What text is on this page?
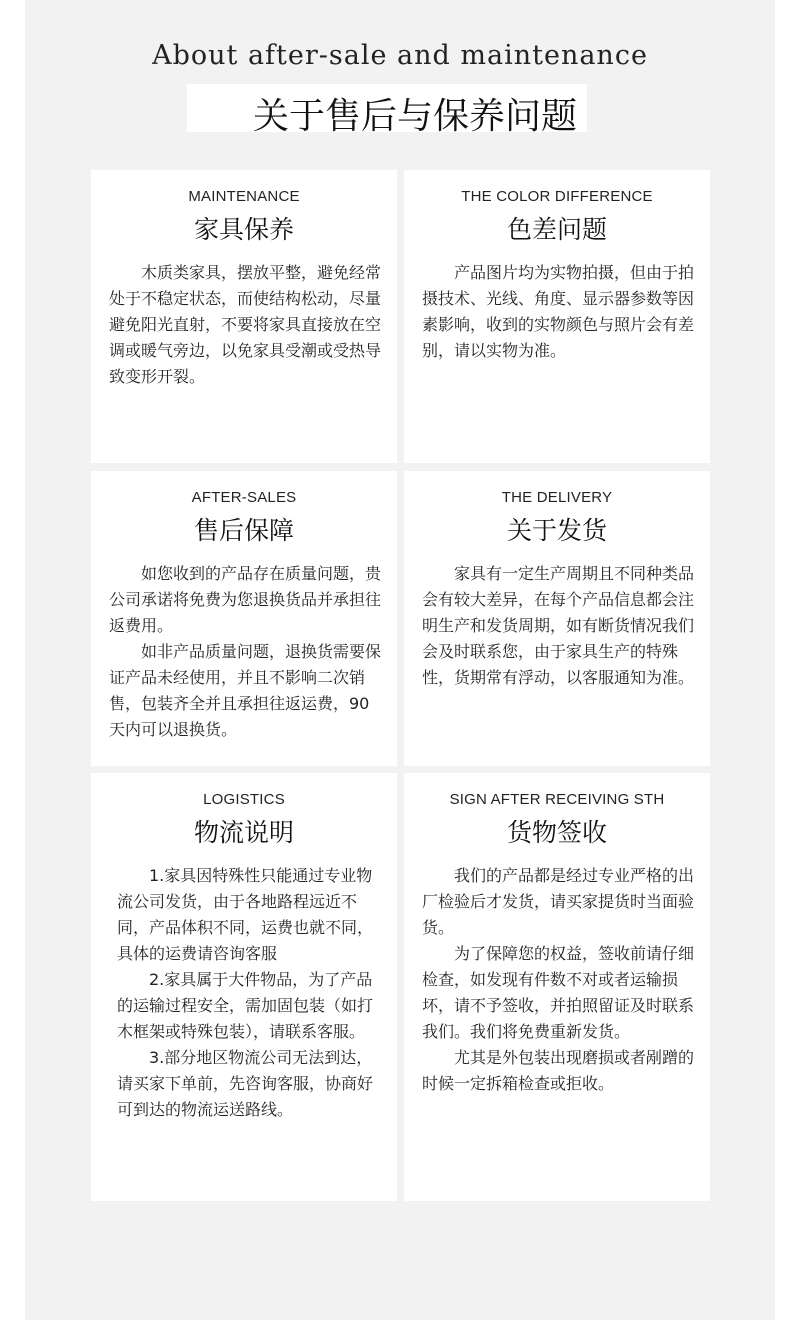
About after-sale and maintenance
关于售后与保养问题
MAINTENANCE
家具保养

木质类家具，摆放平整，避免经常处于不稳定状态，而使结构松动，尽量避免阳光直射，不要将家具直接放在空调或暖气旁边，以免家具受潮或受热导致变形开裂。

THE COLOR DIFFERENCE
色差问题

产品图片均为实物拍摄，但由于拍摄技术、光线、角度、显示器参数等因素影响，收到的实物颜色与照片会有差别，请以实物为准。

AFTER-SALES
售后保障

如您收到的产品存在质量问题，贵公司承诺将免费为您退换货品并承担往返费用。

如非产品质量问题，退换货需要保证产品未经使用，并且不影响二次销售，包装齐全并且承担往返运费，90天内可以退换货。

THE DELIVERY
关于发货

家具有一定生产周期且不同种类品会有较大差异，在每个产品信息都会注明生产和发货周期，如有断货情况我们会及时联系您，由于家具生产的特殊性，货期常有浮动，以客服通知为准。

LOGISTICS
物流说明

1.家具因特殊性只能通过专业物流公司发货，由于各地路程远近不同，产品体积不同，运费也就不同，具体的运费请咨询客服

2.家具属于大件物品，为了产品的运输过程安全，需加固包装（如打木框架或特殊包装），请联系客服。

3.部分地区物流公司无法到达，请买家下单前，先咨询客服，协商好可到达的物流运送路线。

SIGN AFTER RECEIVING STH
货物签收

我们的产品都是经过专业严格的出厂检验后才发货，请买家提货时当面验货。

为了保障您的权益，签收前请仔细检查，如发现有件数不对或者运输损坏，请不予签收，并拍照留证及时联系我们。我们将免费重新发货。

尤其是外包装出现磨损或者剐蹭的时候一定拆箱检查或拒收。
